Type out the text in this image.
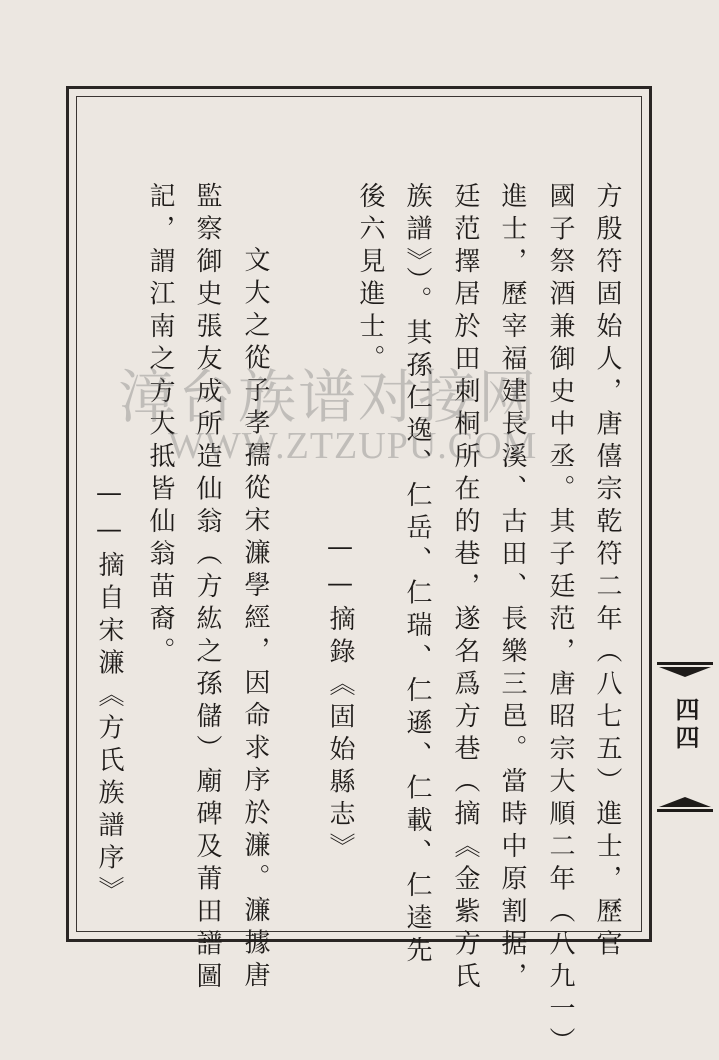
方殷符固始人，唐僖宗乾符二年（八七五）進士，歷官
國子祭酒兼御史中丞。其子廷范，唐昭宗大順二年（八九一）
進士，歷宰福建長溪、古田、長樂三邑。當時中原割据，
廷范擇居於田刺桐所在的巷，遂名爲方巷（摘《金紫方氏
族譜》）。其孫仁逸、仁岳、仁瑞、仁遜、仁載、仁逵先
後六見進士。
——摘錄《固始縣志》
文大之從子孝孺從宋濂學經，因命求序於濂。濂據唐
監察御史張友成所造仙翁（方紘之孫儲）廟碑及莆田譜圖
記，謂江南之方大抵皆仙翁苗裔。
——摘自宋濂《方氏族譜序》	四四
漳台族谱对接网
WWW.ZTZUPU.COM
